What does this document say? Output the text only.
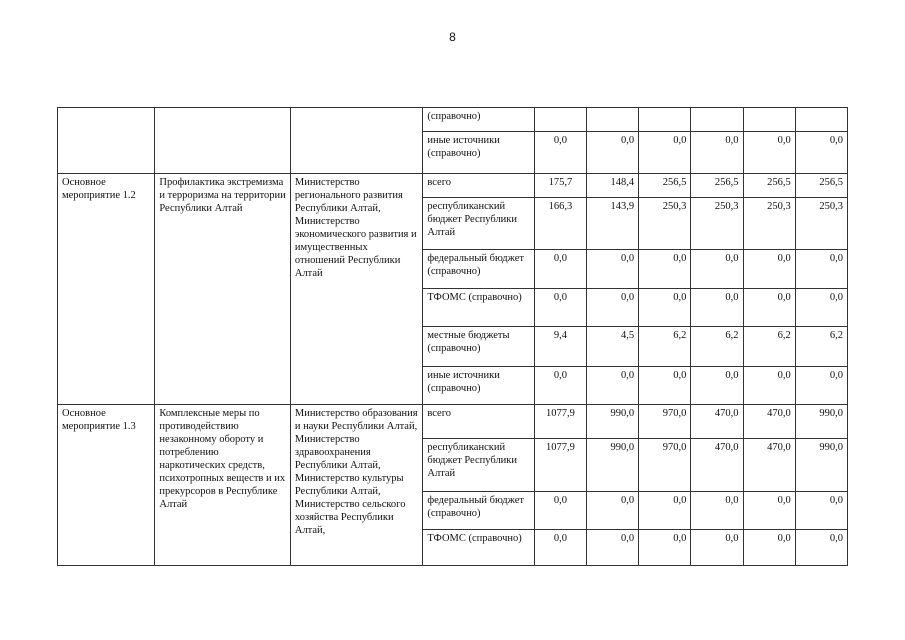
8
			(справочно)						
			иные источники (справочно)	0,0	0,0	0,0	0,0	0,0	0,0
Основное мероприятие 1.2	Профилактика экстремизма и терроризма на территории Республики Алтай	Министерство регионального развития Республики Алтай, Министерство экономического развития и имущественных отношений Республики Алтай	всего	175,7	148,4	256,5	256,5	256,5	256,5
			республиканский бюджет Республики Алтай	166,3	143,9	250,3	250,3	250,3	250,3
			федеральный бюджет (справочно)	0,0	0,0	0,0	0,0	0,0	0,0
			ТФОМС (справочно)	0,0	0,0	0,0	0,0	0,0	0,0
			местные бюджеты (справочно)	9,4	4,5	6,2	6,2	6,2	6,2
			иные источники (справочно)	0,0	0,0	0,0	0,0	0,0	0,0
Основное мероприятие 1.3	Комплексные меры по противодействию незаконному обороту и потреблению наркотических средств, психотропных веществ и их прекурсоров в Республике Алтай	Министерство образования и науки Республики Алтай, Министерство здравоохранения Республики Алтай, Министерство культуры Республики Алтай, Министерство сельского хозяйства Республики Алтай,	всего	1077,9	990,0	970,0	470,0	470,0	990,0
			республиканский бюджет Республики Алтай	1077,9	990,0	970,0	470,0	470,0	990,0
			федеральный бюджет (справочно)	0,0	0,0	0,0	0,0	0,0	0,0
			ТФОМС (справочно)	0,0	0,0	0,0	0,0	0,0	0,0
